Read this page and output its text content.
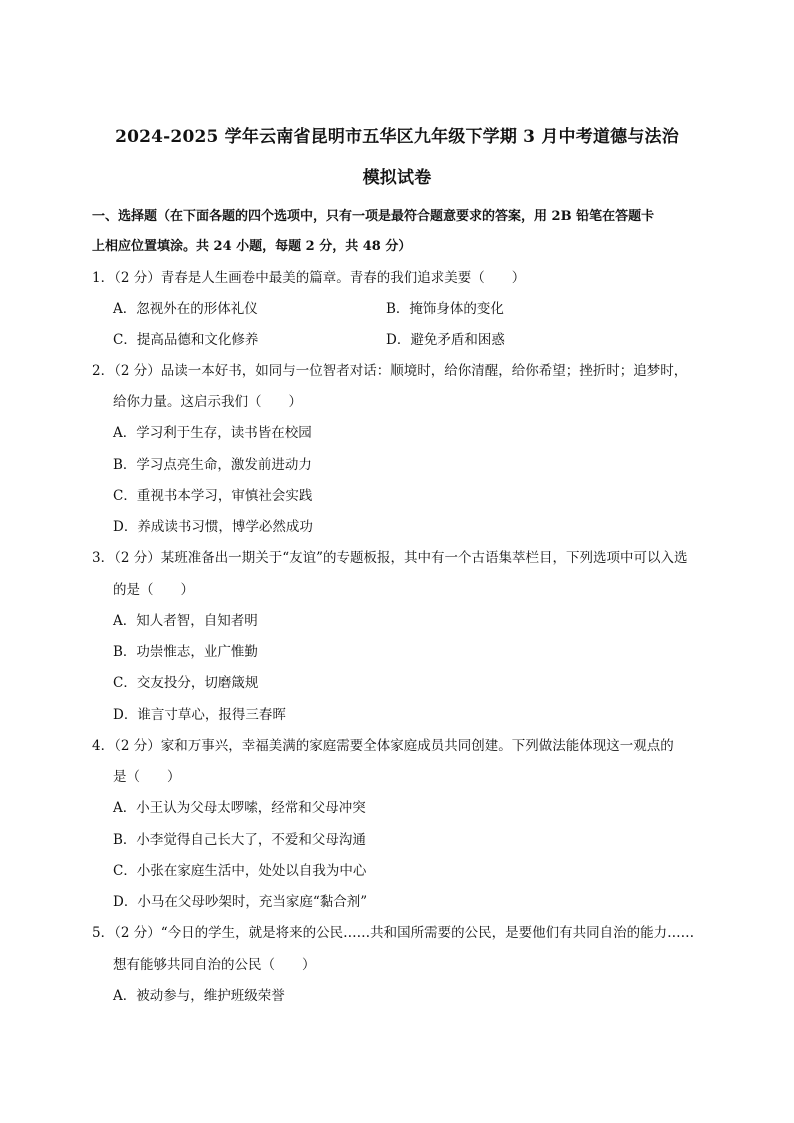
2024-2025 学年云南省昆明市五华区九年级下学期 3 月中考道德与法治
模拟试卷
一、选择题（在下面各题的四个选项中，只有一项是最符合题意要求的答案，用 2B 铅笔在答题卡
上相应位置填涂。共 24 小题，每题 2 分，共 48 分）
1．（2 分）青春是人生画卷中最美的篇章。青春的我们追求美要（　　）
A．忽视外在的形体礼仪	B．掩饰身体的变化
C．提高品德和文化修养	D．避免矛盾和困惑
2．（2 分）品读一本好书，如同与一位智者对话：顺境时，给你清醒，给你希望；挫折时；追梦时，
给你力量。这启示我们（　　）
A．学习利于生存，读书皆在校园
B．学习点亮生命，激发前进动力
C．重视书本学习，审慎社会实践
D．养成读书习惯，博学必然成功
3．（2 分）某班准备出一期关于“友谊”的专题板报，其中有一个古语集萃栏目，下列选项中可以入选
的是（　　）
A．知人者智，自知者明
B．功崇惟志，业广惟勤
C．交友投分，切磨箴规
D．谁言寸草心，报得三春晖
4．（2 分）家和万事兴，幸福美满的家庭需要全体家庭成员共同创建。下列做法能体现这一观点的
是（　　）
A．小王认为父母太啰嗦，经常和父母冲突
B．小李觉得自己长大了，不爱和父母沟通
C．小张在家庭生活中，处处以自我为中心
D．小马在父母吵架时，充当家庭“黏合剂”
5．（2 分）“今日的学生，就是将来的公民……共和国所需要的公民，是要他们有共同自治的能力……
想有能够共同自治的公民（　　）
A．被动参与，维护班级荣誉
